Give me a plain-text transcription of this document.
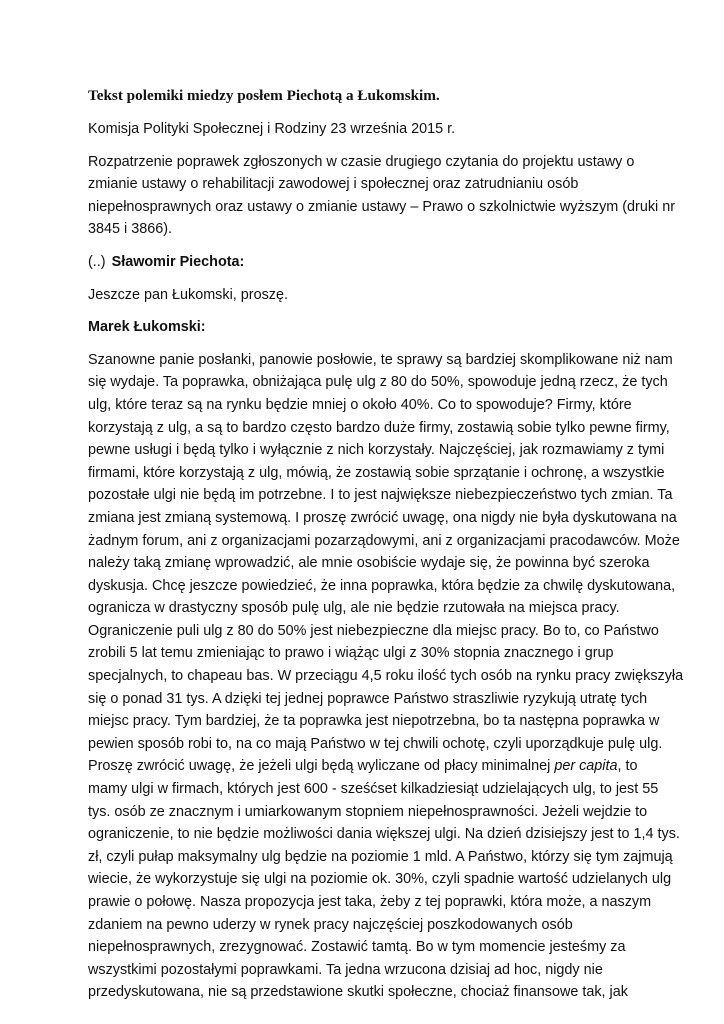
Tekst polemiki miedzy posłem Piechotą a Łukomskim.

Komisja Polityki Społecznej i Rodziny 23 września 2015 r.

Rozpatrzenie poprawek zgłoszonych w czasie drugiego czytania do projektu ustawy o
zmianie ustawy o rehabilitacji zawodowej i społecznej oraz zatrudnianiu osób
niepełnosprawnych oraz ustawy o zmianie ustawy – Prawo o szkolnictwie wyższym (druki nr
3845 i 3866).

(..) Sławomir Piechota:

Jeszcze pan Łukomski, proszę.

Marek Łukomski:

Szanowne panie posłanki, panowie posłowie, te sprawy są bardziej skomplikowane niż nam
się wydaje. Ta poprawka, obniżająca pulę ulg z 80 do 50%, spowoduje jedną rzecz, że tych
ulg, które teraz są na rynku będzie mniej o około 40%. Co to spowoduje? Firmy, które
korzystają z ulg, a są to bardzo często bardzo duże firmy, zostawią sobie tylko pewne firmy,
pewne usługi i będą tylko i wyłącznie z nich korzystały. Najczęściej, jak rozmawiamy z tymi
firmami, które korzystają z ulg, mówią, że zostawią sobie sprzątanie i ochronę, a wszystkie
pozostałe ulgi nie będą im potrzebne. I to jest największe niebezpieczeństwo tych zmian. Ta
zmiana jest zmianą systemową. I proszę zwrócić uwagę, ona nigdy nie była dyskutowana na
żadnym forum, ani z organizacjami pozarządowymi, ani z organizacjami pracodawców. Może
należy taką zmianę wprowadzić, ale mnie osobiście wydaje się, że powinna być szeroka
dyskusja. Chcę jeszcze powiedzieć, że inna poprawka, która będzie za chwilę dyskutowana,
ogranicza w drastyczny sposób pulę ulg, ale nie będzie rzutowała na miejsca pracy.
Ograniczenie puli ulg z 80 do 50% jest niebezpieczne dla miejsc pracy. Bo to, co Państwo
zrobili 5 lat temu zmieniając to prawo i wiążąc ulgi z 30% stopnia znacznego i grup
specjalnych, to chapeau bas. W przeciągu 4,5 roku ilość tych osób na rynku pracy zwiększyła
się o ponad 31 tys. A dzięki tej jednej poprawce Państwo straszliwie ryzykują utratę tych
miejsc pracy. Tym bardziej, że ta poprawka jest niepotrzebna, bo ta następna poprawka w
pewien sposób robi to, na co mają Państwo w tej chwili ochotę, czyli uporządkuje pulę ulg.
Proszę zwrócić uwagę, że jeżeli ulgi będą wyliczane od płacy minimalnej per capita, to
mamy ulgi w firmach, których jest 600 - sześćset kilkadziesiąt udzielających ulg, to jest 55
tys. osób ze znacznym i umiarkowanym stopniem niepełnosprawności. Jeżeli wejdzie to
ograniczenie, to nie będzie możliwości dania większej ulgi. Na dzień dzisiejszy jest to 1,4 tys.
zł, czyli pułap maksymalny ulg będzie na poziomie 1 mld. A Państwo, którzy się tym zajmują
wiecie, że wykorzystuje się ulgi na poziomie ok. 30%, czyli spadnie wartość udzielanych ulg
prawie o połowę. Nasza propozycja jest taka, żeby z tej poprawki, która może, a naszym
zdaniem na pewno uderzy w rynek pracy najczęściej poszkodowanych osób
niepełnosprawnych, zrezygnować. Zostawić tamtą. Bo w tym momencie jesteśmy za
wszystkimi pozostałymi poprawkami. Ta jedna wrzucona dzisiaj ad hoc, nigdy nie
przedyskutowana, nie są przedstawione skutki społeczne, chociaż finansowe tak, jak
